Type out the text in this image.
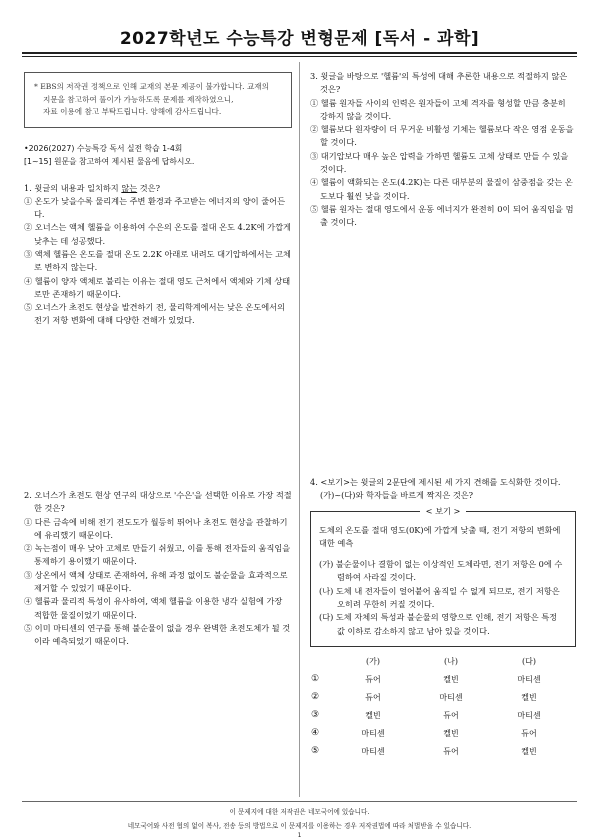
2027학년도 수능특강 변형문제 [독서 - 과학]
* EBS의 저작권 정책으로 인해 교재의 본문 제공이 불가합니다. 교재의
지문을 참고하여 풀이가 가능하도록 문제를 제작하였으니,
자료 이용에 참고 부탁드립니다. 양해에 감사드립니다.
•2026(2027) 수능특강 독서 실전 학습 1-4회
[1~15] 원문을 참고하여 제시된 물음에 답하시오.
1. 윗글의 내용과 일치하지 않는 것은?
① 온도가 낮을수록 물리계는 주변 환경과 주고받는 에너지의 양이 줄어든다.
② 오너스는 액체 헬륨을 이용하여 수은의 온도를 절대 온도 4.2K에 가깝게 낮추는 데 성공했다.
③ 액체 헬륨은 온도를 절대 온도 2.2K 아래로 내려도 대기압하에서는 고체로 변하지 않는다.
④ 헬륨이 양자 액체로 불리는 이유는 절대 영도 근처에서 액체와 기체 상태로만 존재하기 때문이다.
⑤ 오너스가 초전도 현상을 발견하기 전, 물리학계에서는 낮은 온도에서의 전기 저항 변화에 대해 다양한 견해가 있었다.
2. 오너스가 초전도 현상 연구의 대상으로 '수은'을 선택한 이유로 가장 적절한 것은?
① 다른 금속에 비해 전기 전도도가 월등히 뛰어나 초전도 현상을 관찰하기에 유리했기 때문이다.
② 녹는점이 매우 낮아 고체로 만들기 쉬웠고, 이를 통해 전자들의 움직임을 통제하기 용이했기 때문이다.
③ 상온에서 액체 상태로 존재하여, 유해 과정 없이도 불순물을 효과적으로 제거할 수 있었기 때문이다.
④ 헬륨과 물리적 특성이 유사하여, 액체 헬륨을 이용한 냉각 실험에 가장 적합한 물질이었기 때문이다.
⑤ 이미 마티센의 연구를 통해 불순물이 없을 경우 완벽한 초전도체가 될 것이라 예측되었기 때문이다.
3. 윗글을 바탕으로 '헬륨'의 특성에 대해 추론한 내용으로 적절하지 않은 것은?
① 헬륨 원자들 사이의 인력은 원자들이 고체 격자를 형성할 만큼 충분히 강하지 않을 것이다.
② 헬륨보다 원자량이 더 무거운 비활성 기체는 헬륨보다 작은 영점 운동을 할 것이다.
③ 대기압보다 매우 높은 압력을 가하면 헬륨도 고체 상태로 만들 수 있을 것이다.
④ 헬륨이 액화되는 온도(4.2K)는 다른 대부분의 물질이 삼중점을 갖는 온도보다 훨씬 낮을 것이다.
⑤ 헬륨 원자는 절대 영도에서 운동 에너지가 완전히 0이 되어 움직임을 멈출 것이다.
4. <보기>는 윗글의 2문단에 제시된 세 가지 견해를 도식화한 것이다. (가)~(다)와 학자들을 바르게 짝지은 것은?
< 보기 >
도체의 온도를 절대 영도(0K)에 가깝게 낮출 때, 전기 저항의 변화에 대한 예측
(가) 불순물이나 결함이 없는 이상적인 도체라면, 전기 저항은 0에 수렴하여 사라질 것이다.
(나) 도체 내 전자들이 얼어붙어 움직일 수 없게 되므로, 전기 저항은 오히려 무한히 커질 것이다.
(다) 도체 자체의 특성과 불순물의 영향으로 인해, 전기 저항은 특정 값 이하로 감소하지 않고 남아 있을 것이다.
	(가)	(나)	(다)
①	듀어	켈빈	마티센
②	듀어	마티센	켈빈
③	켈빈	듀어	마티센
④	마티센	켈빈	듀어
⑤	마티센	듀어	켈빈
이 문제지에 대한 저작권은 네모국어에 있습니다.
네모국어와 사전 협의 없이 복사, 전송 등의 방법으로 이 문제지를 이용하는 경우 저작권법에 따라 처벌받을 수 있습니다.
1
